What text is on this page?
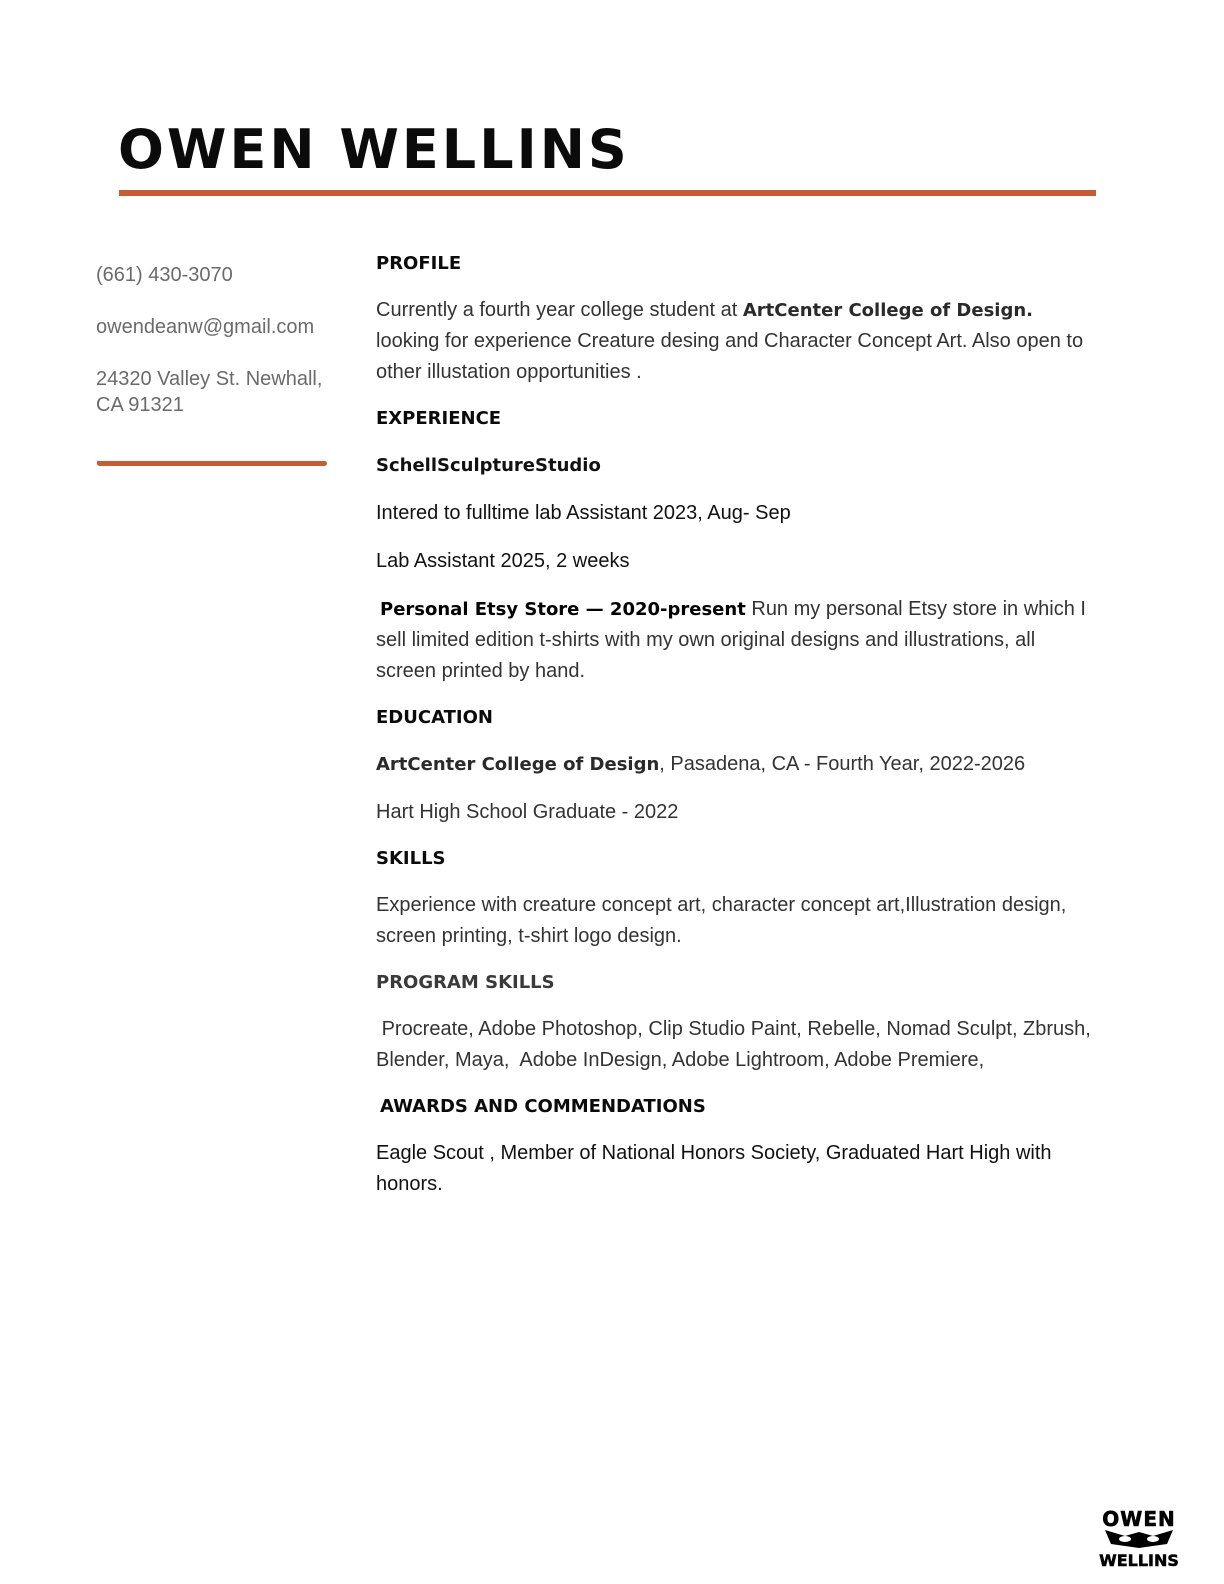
OWEN WELLINS
(661) 430-3070
owendeanw@gmail.com
24320 Valley St. Newhall,
CA 91321
PROFILE

Currently a fourth year college student at ArtCenter College of Design. looking for experience Creature desing and Character Concept Art. Also open to other illustation opportunities .

EXPERIENCE
SchellSculptureStudio

Intered to fulltime lab Assistant 2023, Aug- Sep

Lab Assistant 2025, 2 weeks

Personal Etsy Store — 2020-present Run my personal Etsy store in which I sell limited edition t-shirts with my own original designs and illustrations, all screen printed by hand.

EDUCATION

ArtCenter College of Design, Pasadena, CA - Fourth Year, 2022-2026

Hart High School Graduate - 2022

SKILLS

Experience with creature concept art, character concept art,Illustration design, screen printing, t-shirt logo design.

PROGRAM SKILLS

Procreate, Adobe Photoshop, Clip Studio Paint, Rebelle, Nomad Sculpt, Zbrush, Blender, Maya,  Adobe InDesign, Adobe Lightroom, Adobe Premiere,

AWARDS AND COMMENDATIONS

Eagle Scout , Member of National Honors Society, Graduated Hart High with honors.

OWEN
WELLINS
